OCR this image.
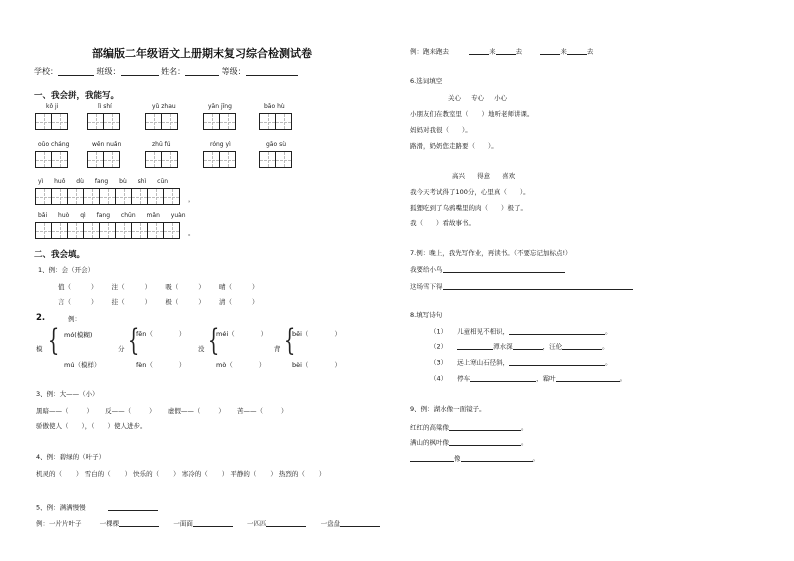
部编版二年级语文上册期末复习综合检测试卷
学校：	班级：	姓名：	等级：
一、我会拼，我能写。
kǒ ji	lì shí	yǔ zhau	yān jīng	bāo hù
oǔo cháng	wēn nuǎn	zhū fú	róng yì	gāo sù
yì huǒ dù fang bù shì cūn
，
bǎi huò qì fang chūn mǎn yuàn
。
二、我会填。
1、例：会（开会）
值（	） 注（	） 吸（	） 晴（	）
言（	） 挂（	） 极（	） 清（	）
2.	例：
模 { mó(模糊)
mú（模样）
分 {
fēn（	）
fèn（	）
没 {
méi（	）
mò（	）
背 {
bēi（	）
bèi（	）
3、例：大——（小）
黑暗——（	） 反——（	） 虚假——（	） 苦——（	）
骄傲使人（　　），（　　）使人进步。
4、例：碧绿的（叶子）
机灵的（ ） 雪白的（ ） 快乐的（ ） 寒冷的（ ） 平静的（ ） 热烈的（ ）
5、例：满满慢慢
例：一片片叶子	一棵棵	一面面	一匹匹	一盘盘
例：跑来跑去	来	去	来	去
6.选词填空
关心 专心 小心
小朋友们在教室里（　　）地听老师讲课。
妈妈对我很（　　）。
路滑，奶奶您走路要（　　）。
高兴 得意 喜欢
我今天考试得了100分，心里真（　　）。
狐狸吃到了乌鸦嘴里的肉（　　）极了。
我（　　）看故事书。
7.例：晚上，我先写作业，再读书。（不要忘记加标点!）
我要给小鸟
这场雪下得
8.填写诗句
（1） 儿童相见不相识，	。
（2）	潭水深	，汪伦	。
（3） 远上寒山石径斜，	。
（4） 停车	，霜叶	。
9、例：湖水像一面镜子。
红红的高粱像	。
满山的枫叶像	。
像	。
